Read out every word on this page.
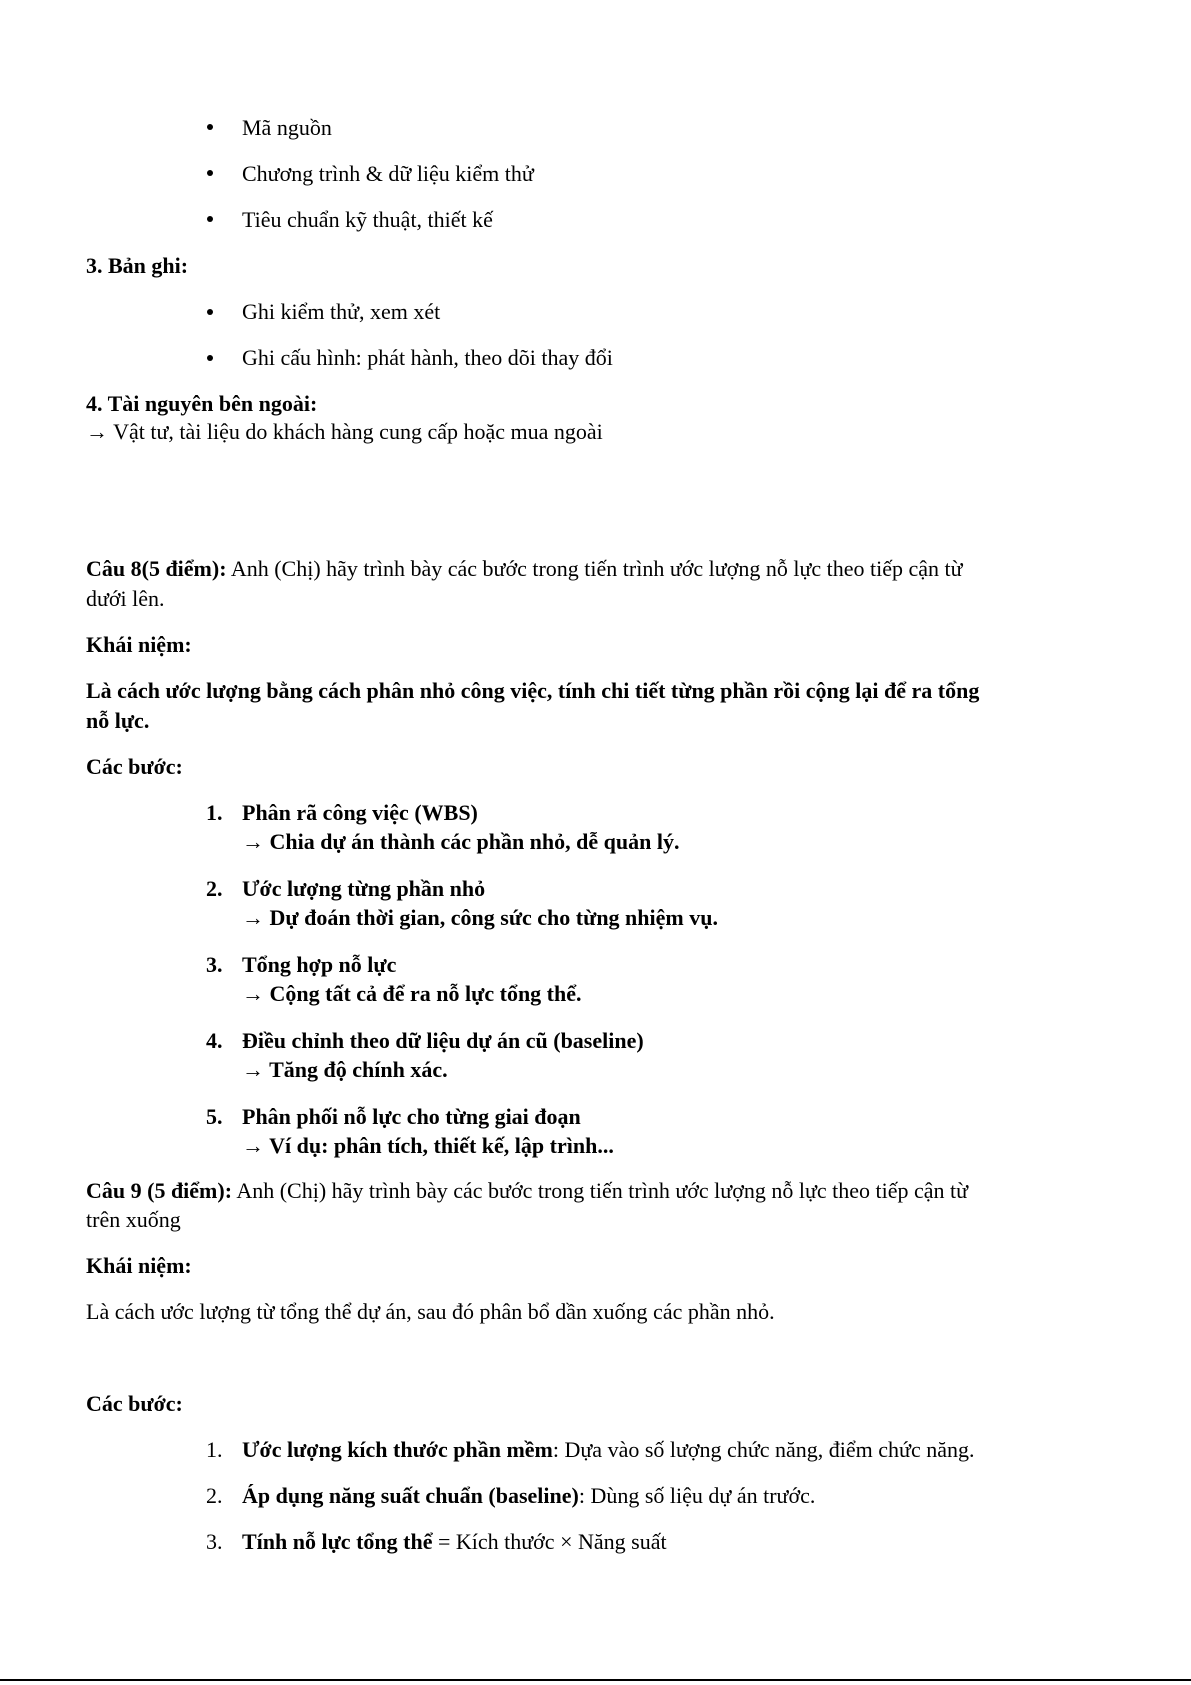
Mã nguồn
Chương trình & dữ liệu kiểm thử
Tiêu chuẩn kỹ thuật, thiết kế
3. Bản ghi:
Ghi kiểm thử, xem xét
Ghi cấu hình: phát hành, theo dõi thay đổi
4. Tài nguyên bên ngoài:
→ Vật tư, tài liệu do khách hàng cung cấp hoặc mua ngoài
Câu 8(5 điểm): Anh (Chị) hãy trình bày các bước trong tiến trình ước lượng nỗ lực theo tiếp cận từ
dưới lên.
Khái niệm:
Là cách ước lượng bằng cách phân nhỏ công việc, tính chi tiết từng phần rồi cộng lại để ra tổng
nỗ lực.
Các bước:
1. Phân rã công việc (WBS)
→ Chia dự án thành các phần nhỏ, dễ quản lý.
2. Ước lượng từng phần nhỏ
→ Dự đoán thời gian, công sức cho từng nhiệm vụ.
3. Tổng hợp nỗ lực
→ Cộng tất cả để ra nỗ lực tổng thể.
4. Điều chỉnh theo dữ liệu dự án cũ (baseline)
→ Tăng độ chính xác.
5. Phân phối nỗ lực cho từng giai đoạn
→ Ví dụ: phân tích, thiết kế, lập trình...
Câu 9 (5 điểm): Anh (Chị) hãy trình bày các bước trong tiến trình ước lượng nỗ lực theo tiếp cận từ
trên xuống
Khái niệm:
Là cách ước lượng từ tổng thể dự án, sau đó phân bổ dần xuống các phần nhỏ.
Các bước:
1. Ước lượng kích thước phần mềm: Dựa vào số lượng chức năng, điểm chức năng.
2. Áp dụng năng suất chuẩn (baseline): Dùng số liệu dự án trước.
3. Tính nỗ lực tổng thể = Kích thước × Năng suất
